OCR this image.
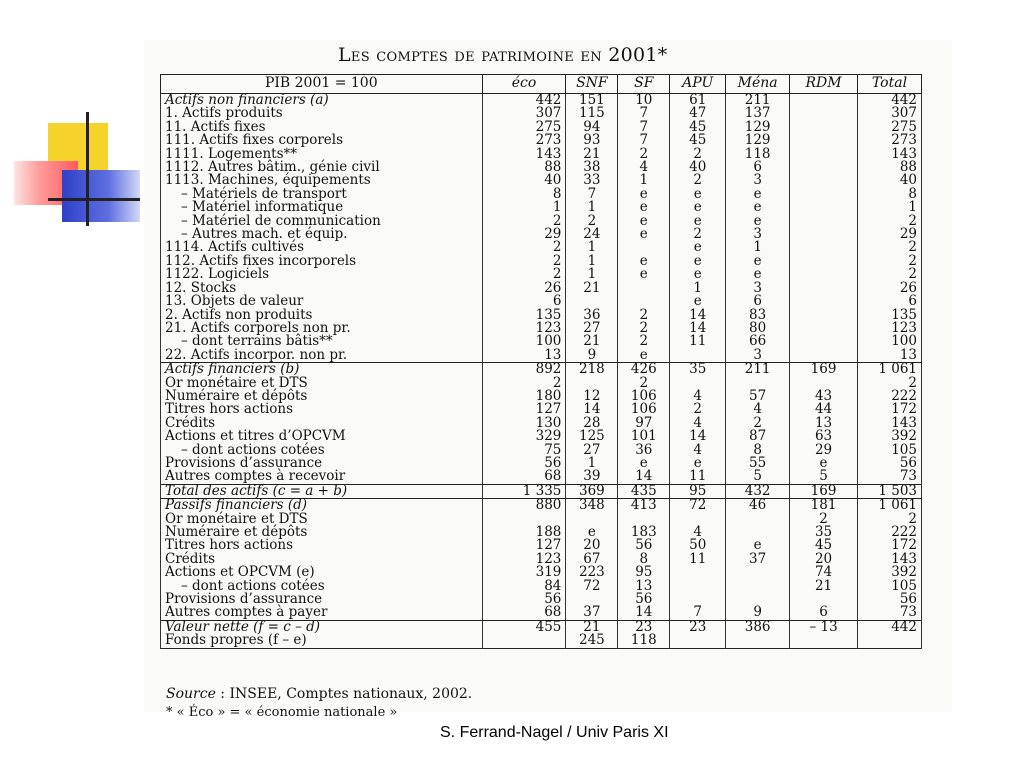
Les comptes de patrimoine en 2001*
PIB 2001 = 100	éco	SNF	SF	APU	Ména	RDM	Total
Actifs non financiers (a)	442	151	10	61	211		442
1. Actifs produits	307	115	7	47	137		307
11. Actifs fixes	275	94	7	45	129		275
111. Actifs fixes corporels	273	93	7	45	129		273
1111. Logements**	143	21	2	2	118		143
1112. Autres bâtim., génie civil	88	38	4	40	6		88
1113. Machines, équipements	40	33	1	2	3		40
– Matériels de transport	8	7	e	e	e		8
– Matériel informatique	1	1	e	e	e		1
– Matériel de communication	2	2	e	e	e		2
– Autres mach. et équip.	29	24	e	2	3		29
1114. Actifs cultivés	2	1		e	1		2
112. Actifs fixes incorporels	2	1	e	e	e		2
1122. Logiciels	2	1	e	e	e		2
12. Stocks	26	21		1	3		26
13. Objets de valeur	6			e	6		6
2. Actifs non produits	135	36	2	14	83		135
21. Actifs corporels non pr.	123	27	2	14	80		123
– dont terrains bâtis**	100	21	2	11	66		100
22. Actifs incorpor. non pr.	13	9	e		3		13
Actifs financiers (b)	892	218	426	35	211	169	1 061
Or monétaire et DTS	2		2				2
Numéraire et dépôts	180	12	106	4	57	43	222
Titres hors actions	127	14	106	2	4	44	172
Crédits	130	28	97	4	2	13	143
Actions et titres d’OPCVM	329	125	101	14	87	63	392
– dont actions cotées	75	27	36	4	8	29	105
Provisions d’assurance	56	1	e	e	55	e	56
Autres comptes à recevoir	68	39	14	11	5	5	73
Total des actifs (c = a + b)	1 335	369	435	95	432	169	1 503
Passifs financiers (d)	880	348	413	72	46	181	1 061
Or monétaire et DTS						2	2
Numéraire et dépôts	188	e	183	4		35	222
Titres hors actions	127	20	56	50	e	45	172
Crédits	123	67	8	11	37	20	143
Actions et OPCVM (e)	319	223	95			74	392
– dont actions cotées	84	72	13			21	105
Provisions d’assurance	56		56				56
Autres comptes à payer	68	37	14	7	9	6	73
Valeur nette (f = c – d)	455	21	23	23	386	– 13	442
Fonds propres (f – e)		245	118				
Source : INSEE, Comptes nationaux, 2002.
* « Éco » = « économie nationale »
S. Ferrand-Nagel / Univ Paris XI
